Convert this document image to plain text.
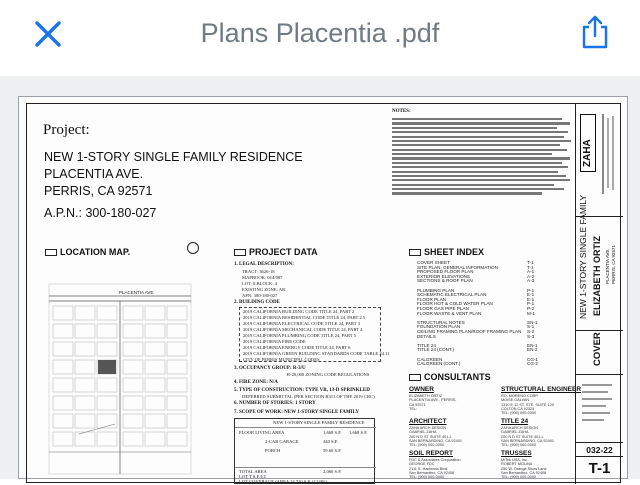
Plans Placentia .pdf
Project:
NEW 1-STORY SINGLE FAMILY RESIDENCE
PLACENTIA AVE.
PERRIS, CA 92571
A.P.N.: 300-180-027
NOTES:
LOCATION MAP.	PROJECT DATA	SHEET INDEX
CONSULTANTS
PLACENTIA AVE.
1. LEGAL DESCRIPTION:
TRACT: 3626-18
MAPBOOK: 014/087
LOT: 8 BLOCK: 4
EXISTING ZONE: AR
APN: 300-180-027
2. BUILDING CODE
2019 CALIFORNIA BUILDING CODE TITLE 24, PART 2
2019 CALIFORNIA RESIDENTIAL CODE TITLE 24, PART 2.5
2019 CALIFORNIA ELECTRICAL CODE TITLE 24, PART 3
2019 CALIFORNIA MECHANICAL CODE TITLE 24, PART 4
2019 CALIFORNIA PLUMBING CODE TITLE 24, PART 5
2019 CALIFORNIA FIRE CODE
2019 CALIFORNIA ENERGY CODE TITLE 24, PART 6
2019 CALIFORNIA GREEN BUILDING STANDARDS CODE TABLE 24.11
CITY OF PERRIS MUNICIPAL CODES
3. OCCUPANCY GROUP: R-3/U
R-20,000 ZONING CODE REGULATIONS
4. FIRE ZONE: N/A
5. TYPE OF CONSTRUCTION: TYPE VB, 13-D SPRINKLED
DEFERRED SUBMITTAL (PER SECTION R313 OF THE 2019 CRC)
6. NUMBER OF STORIES: 1 STORY
7. SCOPE OF WORK: NEW 1-STORY SINGLE FAMILY
NEW 1-STORY SINGLE FAMILY RESIDENCE
FLOOR LIVING AREA	1,668 S.F. 1,668 S.F.
2-CAR GARAGE	440 S.F.
PORCH	59.60 S.F.
TOTAL AREA	2,060 S.F.
LOT T S.F./LT
LOT COVERAGE (AREA 24,710 S.F. (12.9%)
COVER SHEET	T-1
SITE PLAN, GENERAL INFORMATION	T-1
PROPOSED FLOOR PLAN	A-1
EXTERIOR ELEVATIONS	A-2
SECTIONS & ROOF PLAN	A-3
PLUMBING PLAN	P-1
SCHEMATIC ELECTRICAL PLAN	E-1
FLOOR PLAN	E-1
FLOOR HOT & COLD WATER PLAN	P-1
FLOOR GAS PIPE PLAN	P-2
FLOOR WASTE & VENT PLAN	M-1
STRUCTURAL NOTES	SN-1
FOUNDATION PLAN	S-1
CEILING FRAMING PLAN/ROOF FRAMING PLAN S-2
DETAILS	S-3
TITLE 24	EN-1
TITLE 24 (CONT.)	EN-2
CALGREEN	CG-1
CALGREEN (CONT.)	CG-2
OWNER
ELIZABETH ORTIZ
PLACENTIA AVE., PERRIS,
CA 92571
TEL:
STRUCTURAL ENGINEER
RO. MORENO CORP.
MOISE GALVAN
1310 E 12 ST. STE. SUITE 120
COLTON CA 92324
TEL: (909) 000-0000
ARCHITECT
ZAHA ARCH DESIGN
GABRIEL ZAHA
200 N D ST SUITE 401-L
SAN BERNARDINO, CA 92401
TEL: (909) 000-0000
TITLE 24
ZAHA ARCH DESIGN
GABRIEL ZAHA
200 N D ST SUITE 401-L
SAN BERNARDINO, CA 92401
TEL: (909) 000-0000
SOIL REPORT
FDC & Associates Corporation
GEORGE FDC
2111 S. Hacienda Blvd.
San Bernardino, CA 92408
TEL: (909) 000-0000
TRUSSES
MiTek USA, Inc.
ROBERT MOLINA
250 W. Orange Show Lane
San Bernardino, CA 92408
TEL: (909) 000-0000
ZAHA
NEW 1-STORY SINGLE FAMILY ELIZABETH ORTIZ PLACENTIA AVE. PERRIS, CA 92571
COVER
032-22
T-1
